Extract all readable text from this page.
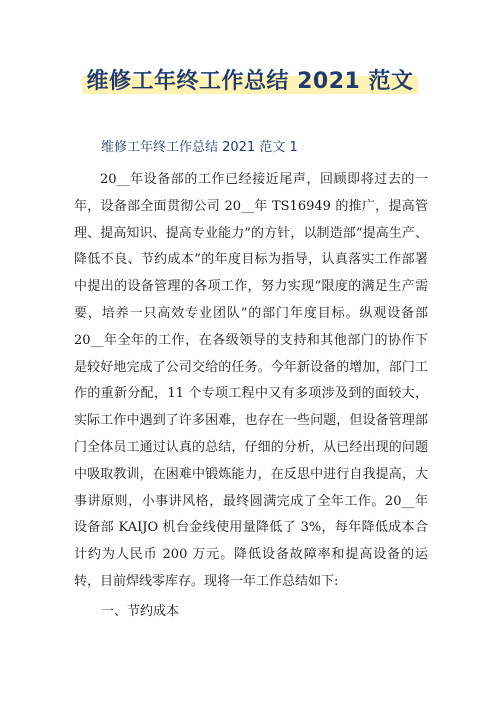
维修工年终工作总结 2021 范文
维修工年终工作总结 2021 范文 1

20__年设备部的工作已经接近尾声，回顾即将过去的一年，设备部全面贯彻公司 20__年 TS16949 的推广，提高管理、提高知识、提高专业能力”的方针，以制造部“提高生产、降低不良、节约成本”的年度目标为指导，认真落实工作部署中提出的设备管理的各项工作，努力实现“限度的满足生产需要，培养一只高效专业团队”的部门年度目标。纵观设备部 20__年全年的工作，在各级领导的支持和其他部门的协作下是较好地完成了公司交给的任务。今年新设备的增加，部门工作的重新分配，11 个专项工程中又有多项涉及到的面较大，实际工作中遇到了许多困难，也存在一些问题，但设备管理部门全体员工通过认真的总结，仔细的分析，从已经出现的问题中吸取教训，在困难中锻炼能力，在反思中进行自我提高，大事讲原则，小事讲风格，最终圆满完成了全年工作。20__年设备部 KAIJO 机台金线使用量降低了 3%，每年降低成本合计约为人民币 200 万元。降低设备故障率和提高设备的运转，目前焊线零库存。现将一年工作总结如下:

一、节约成本
